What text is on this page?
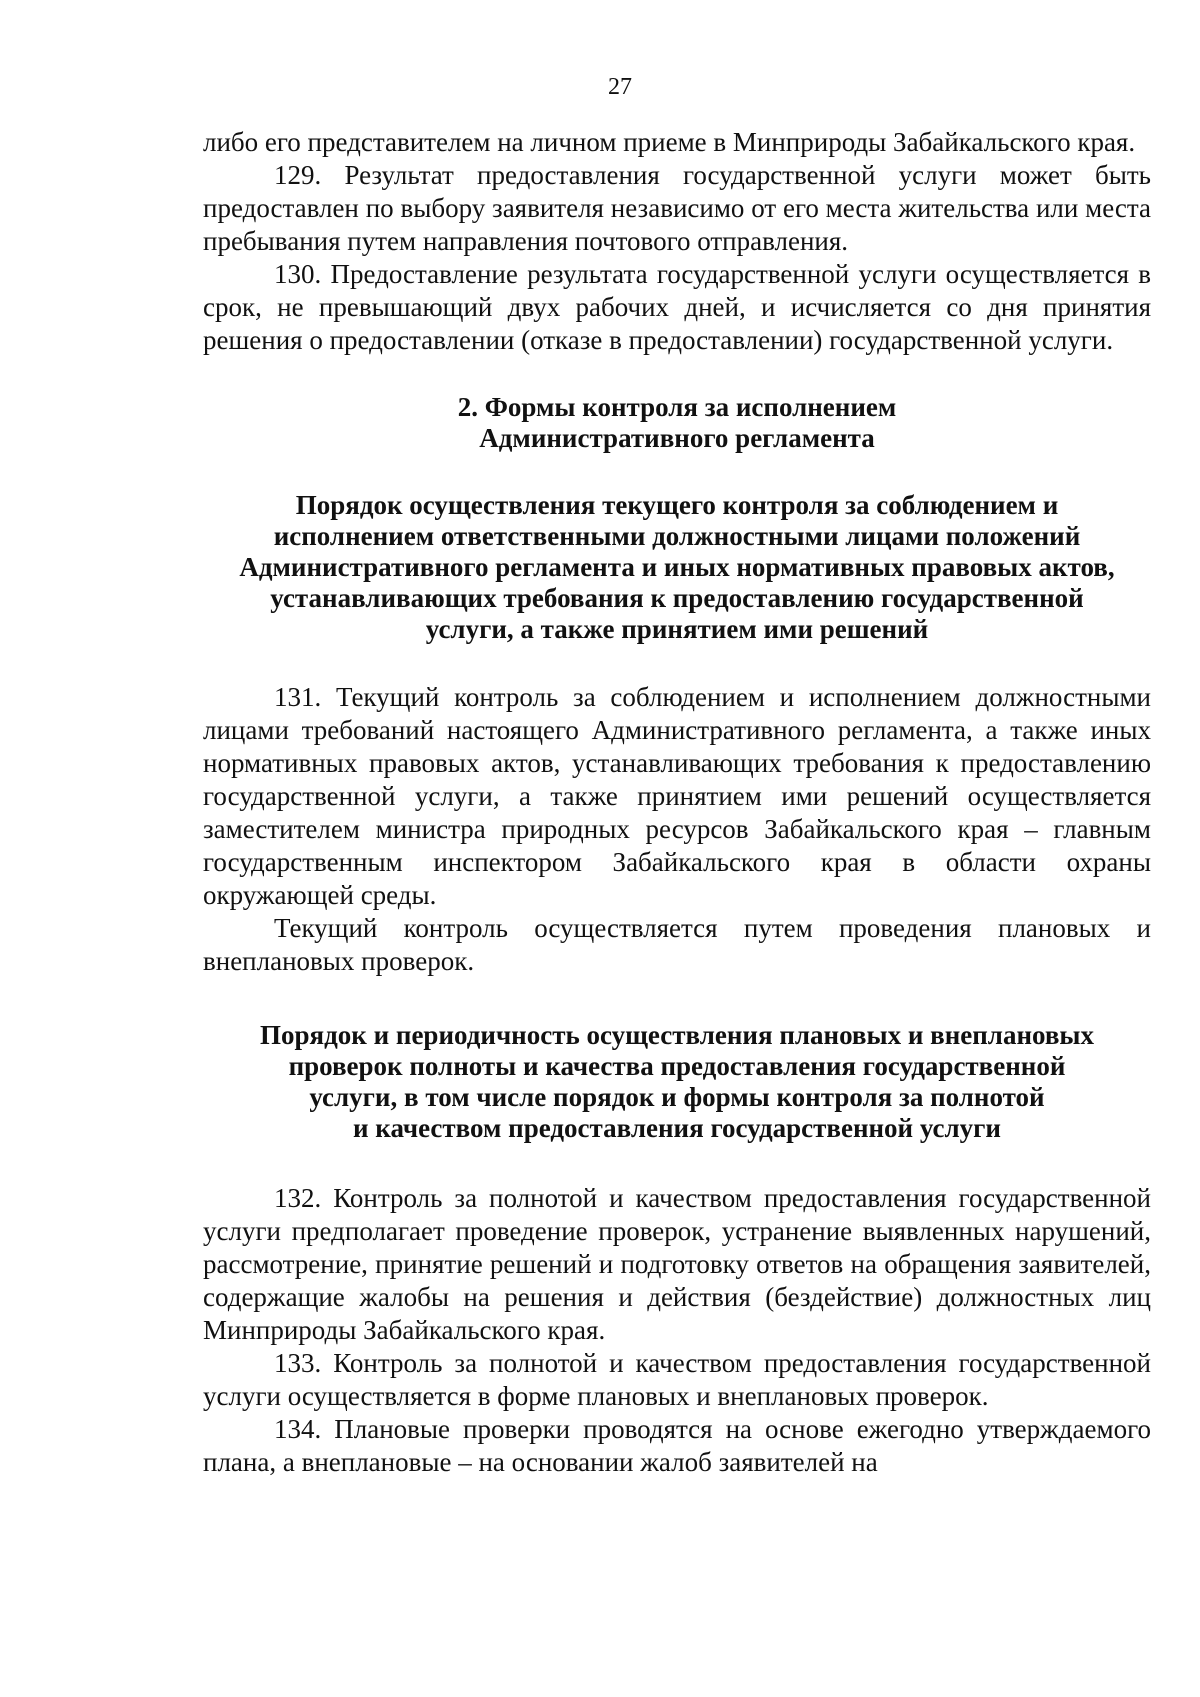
27

либо его представителем на личном приеме в Минприроды Забайкальского края.

129. Результат предоставления государственной услуги может быть предоставлен по выбору заявителя независимо от его места жительства или места пребывания путем направления почтового отправления.

130. Предоставление результата государственной услуги осуществляется в срок, не превышающий двух рабочих дней, и исчисляется со дня принятия решения о предоставлении (отказе в предоставлении) государственной услуги.

2. Формы контроля за исполнением
Административного регламента
Порядок осуществления текущего контроля за соблюдением и
исполнением ответственными должностными лицами положений
Административного регламента и иных нормативных правовых актов,
устанавливающих требования к предоставлению государственной
услуги, а также принятием ими решений

131. Текущий контроль за соблюдением и исполнением должностными лицами требований настоящего Административного регламента, а также иных нормативных правовых актов, устанавливающих требования к предоставлению государственной услуги, а также принятием ими решений осуществляется заместителем министра природных ресурсов Забайкальского края – главным государственным инспектором Забайкальского края в области охраны окружающей среды.

Текущий контроль осуществляется путем проведения плановых и внеплановых проверок.

Порядок и периодичность осуществления плановых и внеплановых
проверок полноты и качества предоставления государственной
услуги, в том числе порядок и формы контроля за полнотой
и качеством предоставления государственной услуги

132. Контроль за полнотой и качеством предоставления государственной услуги предполагает проведение проверок, устранение выявленных нарушений, рассмотрение, принятие решений и подготовку ответов на обращения заявителей, содержащие жалобы на решения и действия (бездействие) должностных лиц Минприроды Забайкальского края.

133. Контроль за полнотой и качеством предоставления государственной услуги осуществляется в форме плановых и внеплановых проверок.

134. Плановые проверки проводятся на основе ежегодно утверждаемого плана, а внеплановые – на основании жалоб заявителей на
